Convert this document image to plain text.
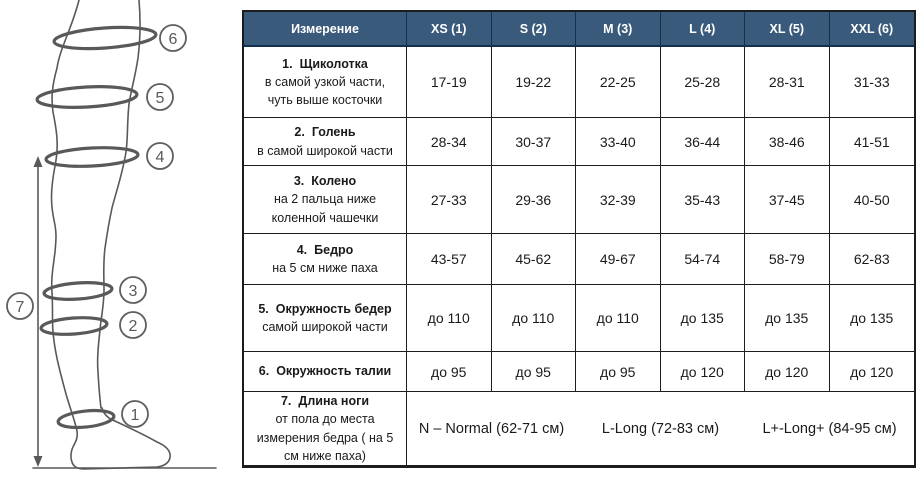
6
5
4
3
2
1
7
Измерение	XS (1)	S (2)	M (3)	L (4)	XL (5)	XXL (6)
1. Щиколотка
в самой узкой части, чуть выше косточки
17-19	19-22	22-25	25-28	28-31	31-33
2. Голень
в самой широкой части
28-34	30-37	33-40	36-44	38-46	41-51
3. Колено
на 2 пальца ниже коленной чашечки
27-33	29-36	32-39	35-43	37-45	40-50
4. Бедро
на 5 см ниже паха
43-57	45-62	49-67	54-74	58-79	62-83
5. Окружность бедер
самой широкой части
до 110	до 110	до 110	до 135	до 135	до 135
6. Окружность талии	до 95	до 95	до 95	до 120	до 120	до 120
7. Длина ноги
от пола до места измерения бедра ( на 5 см ниже паха)
N – Normal (62-71 см)	L-Long (72-83 см)	L+-Long+ (84-95 см)
